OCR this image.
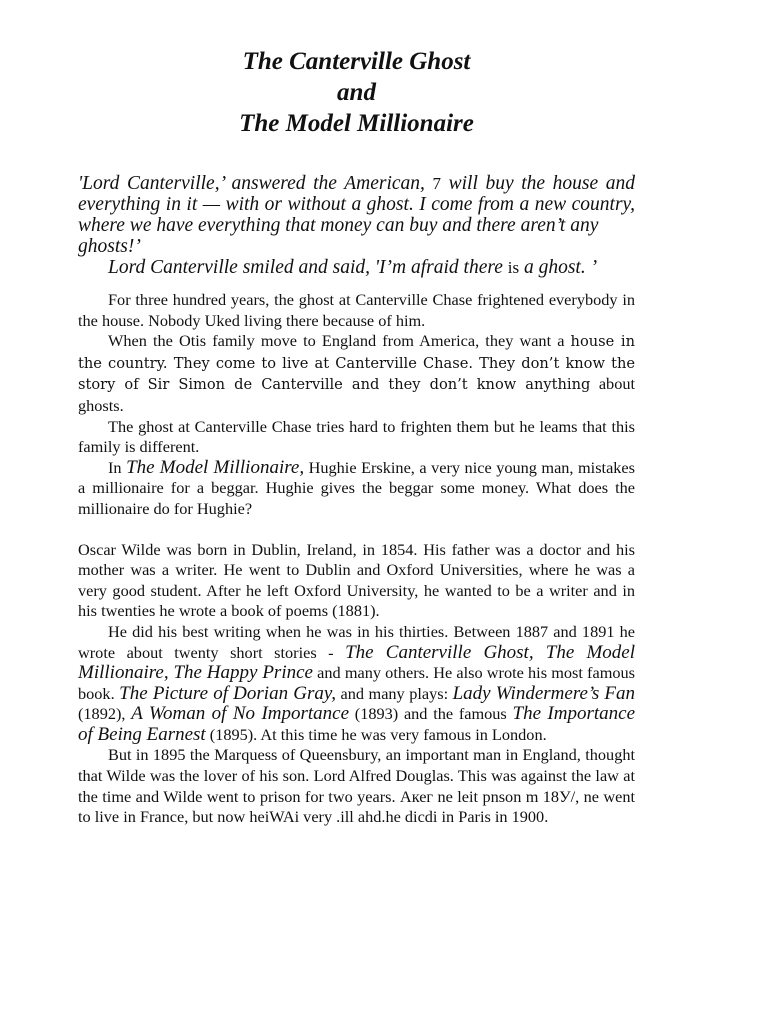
The Canterville Ghost
and
The Model Millionaire

'Lord Canterville,’ answered the American, 7 will buy the house and everything in it — with or without a ghost. I come from a new country, where we have everything that money can buy and there aren’t any
ghosts!’

Lord Canterville smiled and said, 'I’m afraid there is a ghost. ’

For three hundred years, the ghost at Canterville Chase frightened everybody in the house. Nobody Uked living there because of him.

When the Otis family move to England from America, they want a house in the country. They come to live at Canterville Chase. They don’t know the story of Sir Simon de Canterville and they don’t know anything about ghosts.

The ghost at Canterville Chase tries hard to frighten them but he leams that this family is different.

In The Model Millionaire, Hughie Erskine, a very nice young man, mistakes a millionaire for a beggar. Hughie gives the beggar some money. What does the millionaire do for Hughie?

Oscar Wilde was born in Dublin, Ireland, in 1854. His father was a doctor and his mother was a writer. He went to Dublin and Oxford Universities, where he was a very good student. After he left Oxford University, he wanted to be a writer and in his twenties he wrote a book of poems (1881).

He did his best writing when he was in his thirties. Between 1887 and 1891 he wrote about twenty short stories - The Canterville Ghost, The Model Millionaire, The Happy Prince and many others. He also wrote his most famous book. The Picture of Dorian Gray, and many plays: Lady Windermere’s Fan (1892), A Woman of No Importance (1893) and the famous The Importance of Being Earnest (1895). At this time he was very famous in London.

But in 1895 the Marquess of Queensbury, an important man in England, thought that Wilde was the lover of his son. Lord Alfred Douglas. This was against the law at the time and Wilde went to prison for two years. Акег ne leit pnson m 18У/, ne went to live in France, but now heiWAi very .ill ahd.he dicdi in Paris in 1900.
